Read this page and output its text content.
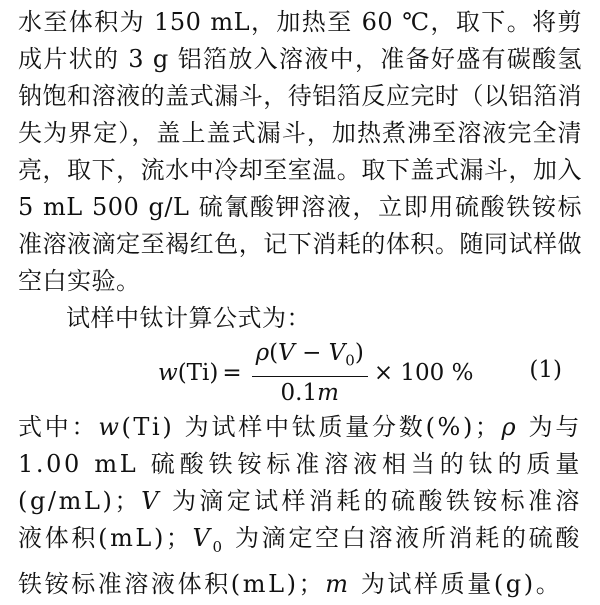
水至体积为 150 mL，加热至 60 ℃，取下。将剪成片状的 3 g 铝箔放入溶液中，准备好盛有碳酸氢钠饱和溶液的盖式漏斗，待铝箔反应完时（以铝箔消失为界定），盖上盖式漏斗，加热煮沸至溶液完全清亮，取下，流水中冷却至室温。取下盖式漏斗，加入 5 mL 500 g/L 硫氰酸钾溶液，立即用硫酸铁铵标准溶液滴定至褐红色，记下消耗的体积。随同试样做空白实验。

试样中钛计算公式为：

w $(Ti) = \frac{\rho(V - V_0)}{0.1m} \times 100$ % (1)

式中：w(Ti) 为试样中钛质量分数(%)；ρ 为与 1.00 mL 硫酸铁铵标准溶液相当的钛的质量 (g/mL)；V 为滴定试样消耗的硫酸铁铵标准溶液体积(mL)；$V_0$ 为滴定空白溶液所消耗的硫酸铁铵标准溶液体积(mL)；m 为试样质量(g)。
